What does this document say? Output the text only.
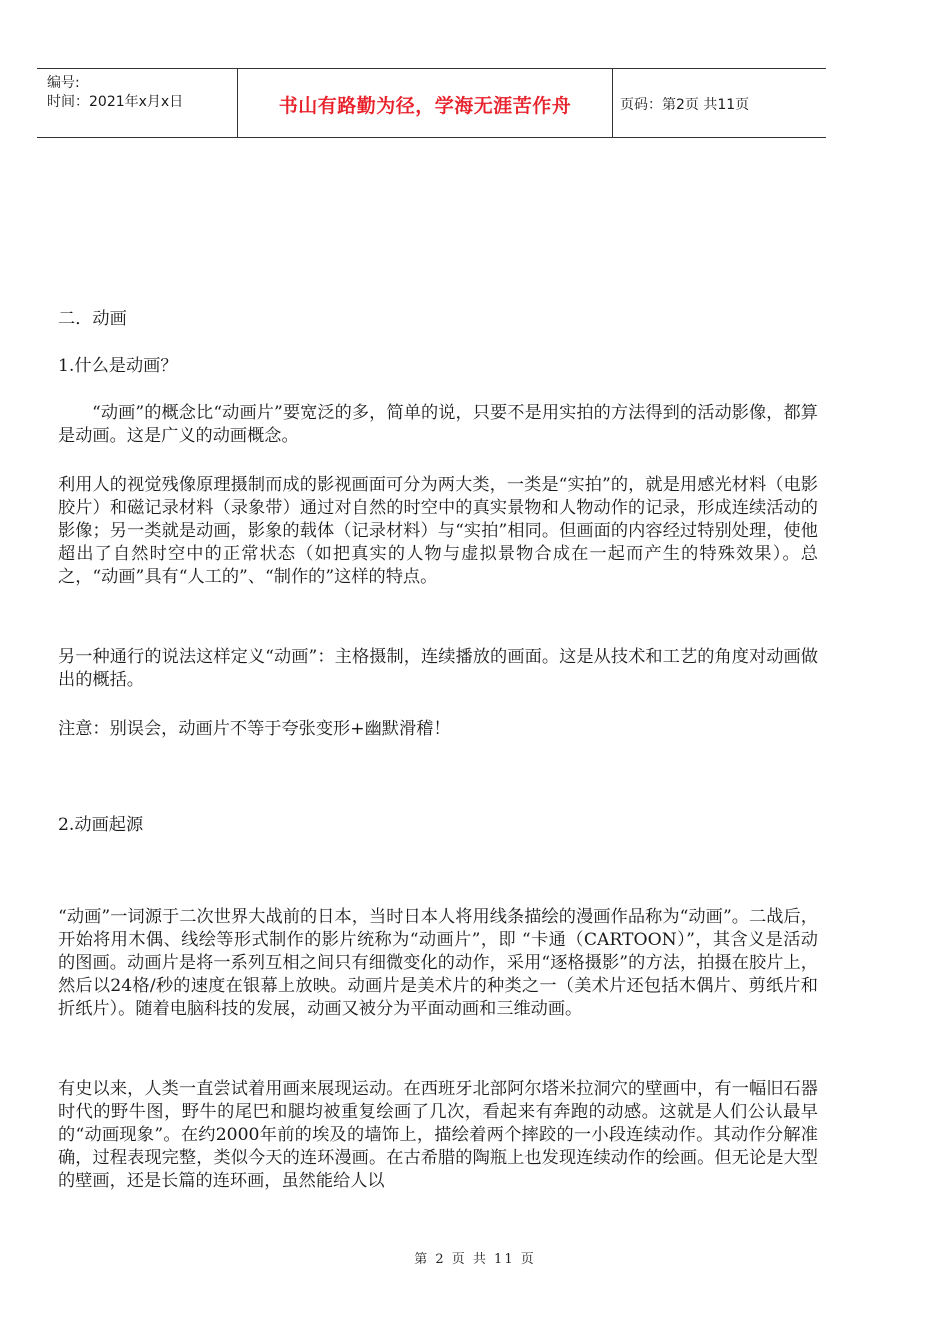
编号:
时间：2021年x月x日	书山有路勤为径，学海无涯苦作舟	页码：第2页 共11页

二．动画

1.什么是动画？

“动画”的概念比“动画片”要宽泛的多，简单的说，只要不是用实拍的方法得到的活动影像，都算是动画。这是广义的动画概念。

利用人的视觉残像原理摄制而成的影视画面可分为两大类，一类是“实拍”的，就是用感光材料（电影胶片）和磁记录材料（录象带）通过对自然的时空中的真实景物和人物动作的记录，形成连续活动的影像；另一类就是动画，影象的载体（记录材料）与“实拍”相同。但画面的内容经过特别处理，使他超出了自然时空中的正常状态（如把真实的人物与虚拟景物合成在一起而产生的特殊效果）。总之，“动画”具有“人工的”、“制作的”这样的特点。

另一种通行的说法这样定义“动画”：主格摄制，连续播放的画面。这是从技术和工艺的角度对动画做出的概括。

注意：别误会，动画片不等于夸张变形+幽默滑稽！

2.动画起源

“动画”一词源于二次世界大战前的日本，当时日本人将用线条描绘的漫画作品称为“动画”。二战后，开始将用木偶、线绘等形式制作的影片统称为“动画片”，即 “卡通（CARTOON）”，其含义是活动的图画。动画片是将一系列互相之间只有细微变化的动作，采用“逐格摄影”的方法，拍摄在胶片上，然后以24格/秒的速度在银幕上放映。动画片是美术片的种类之一（美术片还包括木偶片、剪纸片和折纸片）。随着电脑科技的发展，动画又被分为平面动画和三维动画。

有史以来，人类一直尝试着用画来展现运动。在西班牙北部阿尔塔米拉洞穴的壁画中，有一幅旧石器时代的野牛图，野牛的尾巴和腿均被重复绘画了几次，看起来有奔跑的动感。这就是人们公认最早的“动画现象”。在约2000年前的埃及的墙饰上，描绘着两个摔跤的一小段连续动作。其动作分解准确，过程表现完整，类似今天的连环漫画。在古希腊的陶瓶上也发现连续动作的绘画。但无论是大型的壁画，还是长篇的连环画，虽然能给人以

第 2 页 共 11 页
